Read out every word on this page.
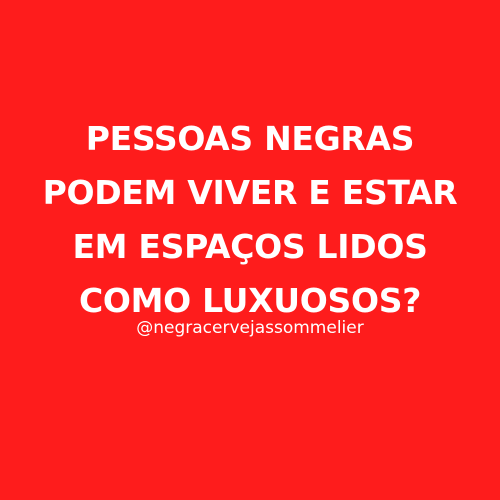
PESSOAS NEGRAS
PODEM VIVER E ESTAR
EM ESPAÇOS LIDOS
COMO LUXUOSOS?
@negracervejassommelier
